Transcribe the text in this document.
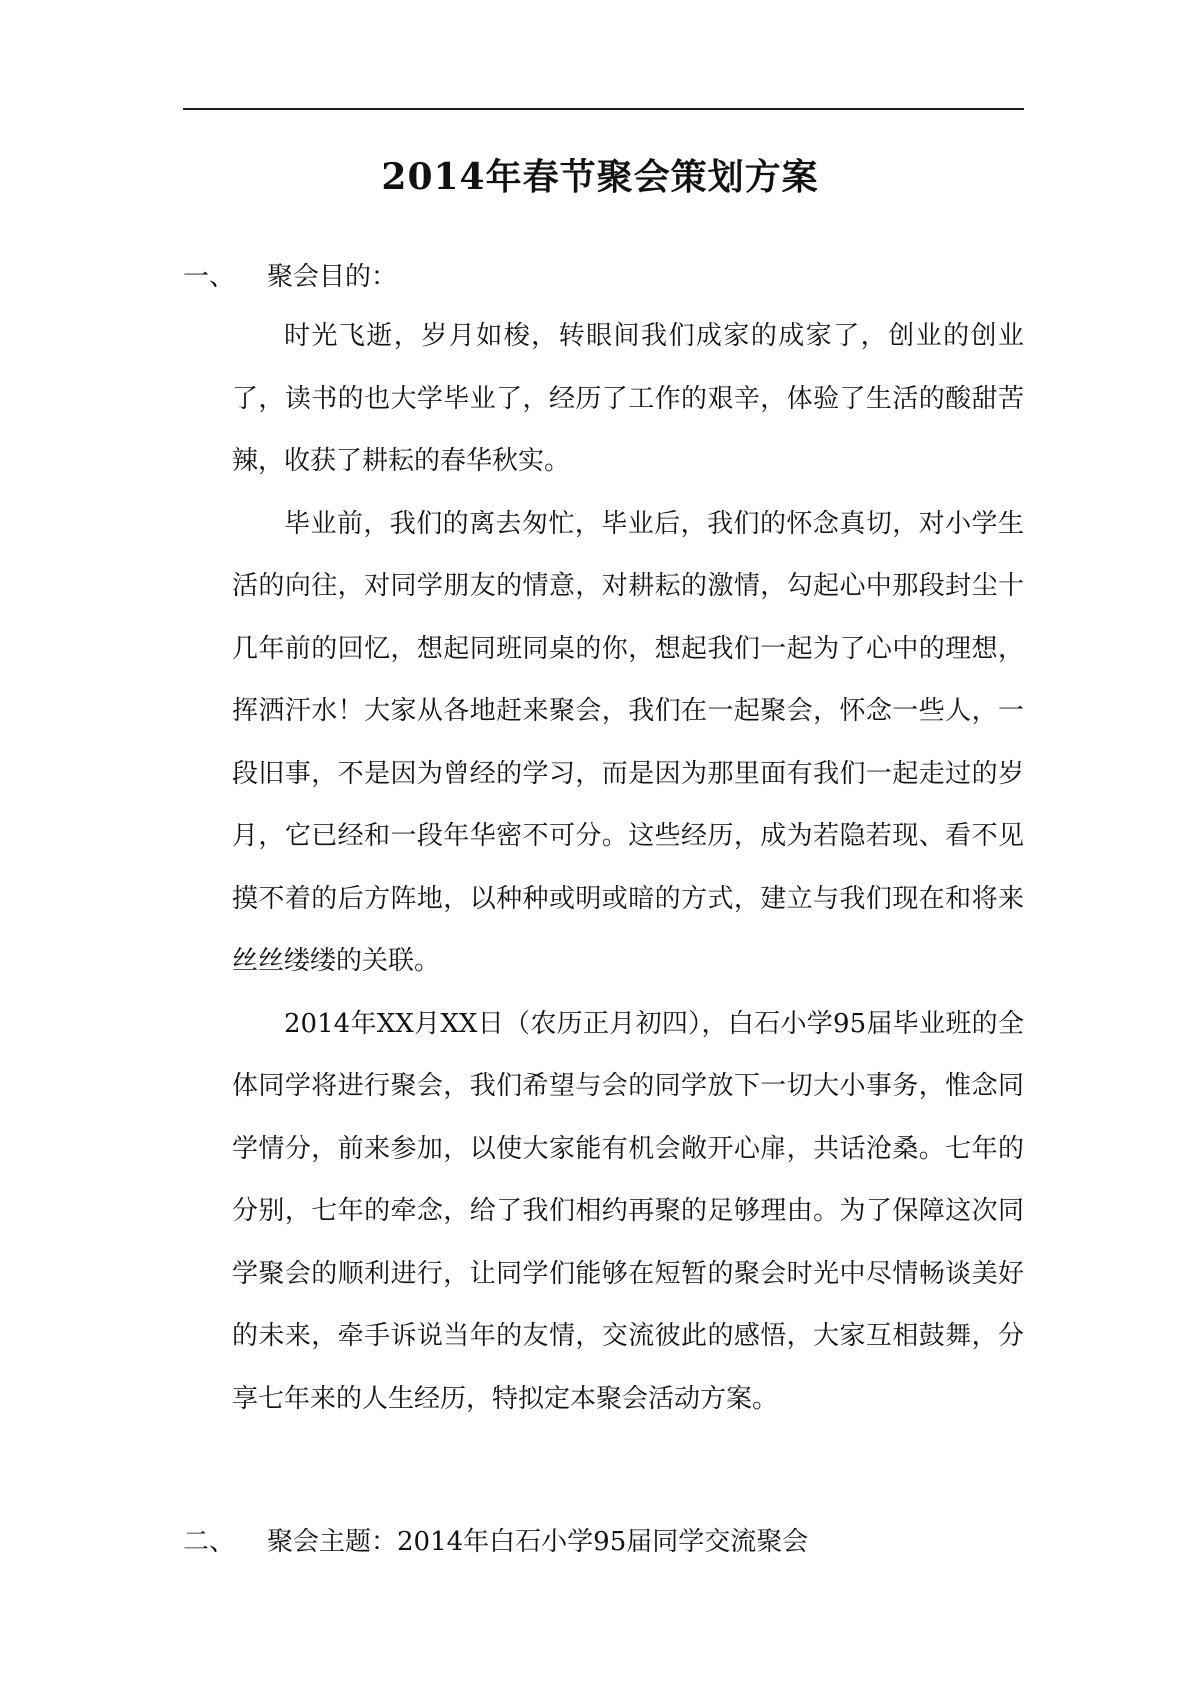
2014年春节聚会策划方案
一、 聚会目的：

时光飞逝，岁月如梭，转眼间我们成家的成家了，创业的创业了，读书的也大学毕业了，经历了工作的艰辛，体验了生活的酸甜苦辣，收获了耕耘的春华秋实。

毕业前，我们的离去匆忙，毕业后，我们的怀念真切，对小学生活的向往，对同学朋友的情意，对耕耘的激情，勾起心中那段封尘十几年前的回忆，想起同班同桌的你，想起我们一起为了心中的理想，挥洒汗水！大家从各地赶来聚会，我们在一起聚会，怀念一些人，一段旧事，不是因为曾经的学习，而是因为那里面有我们一起走过的岁月，它已经和一段年华密不可分。这些经历，成为若隐若现、看不见摸不着的后方阵地，以种种或明或暗的方式，建立与我们现在和将来丝丝缕缕的关联。

2014年XX月XX日（农历正月初四），白石小学95届毕业班的全体同学将进行聚会，我们希望与会的同学放下一切大小事务，惟念同学情分，前来参加，以使大家能有机会敞开心扉，共话沧桑。七年的分别，七年的牵念，给了我们相约再聚的足够理由。为了保障这次同学聚会的顺利进行，让同学们能够在短暂的聚会时光中尽情畅谈美好的未来，牵手诉说当年的友情，交流彼此的感悟，大家互相鼓舞，分享七年来的人生经历，特拟定本聚会活动方案。

二、 聚会主题：2014年白石小学95届同学交流聚会
